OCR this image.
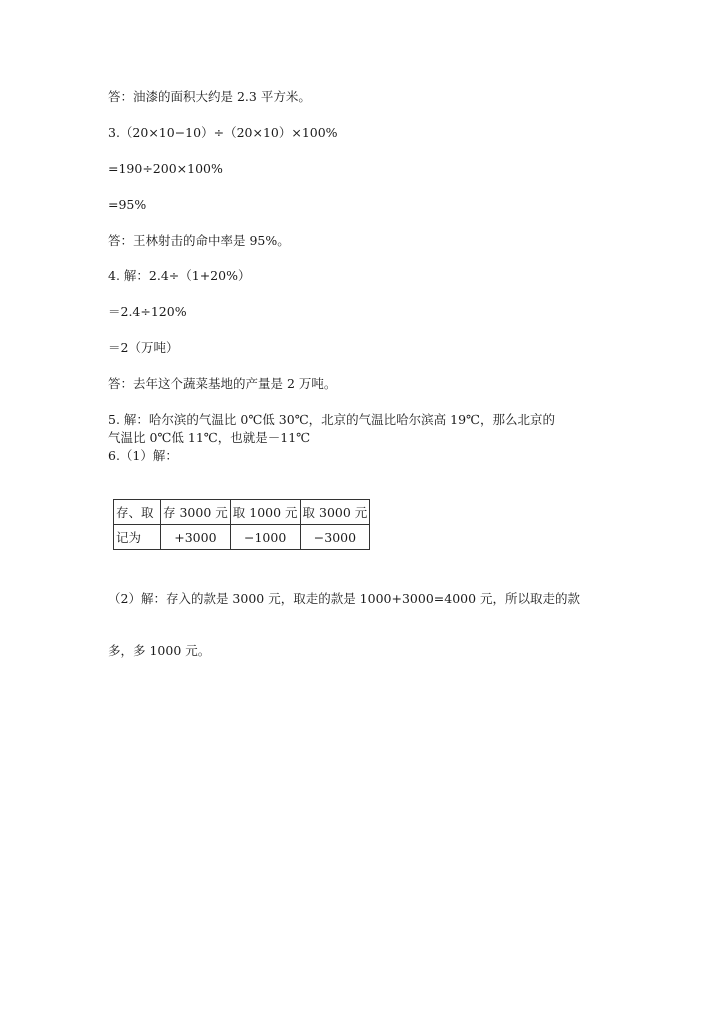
答：油漆的面积大约是 2.3 平方米。
3.（20×10−10）÷（20×10）×100%
=190÷200×100%
=95%
答：王林射击的命中率是 95%。
4. 解：2.4÷（1+20%）
＝2.4÷120%
＝2（万吨）
答：去年这个蔬菜基地的产量是 2 万吨。
5. 解：哈尔滨的气温比 0℃低 30℃，北京的气温比哈尔滨高 19℃，那么北京的
气温比 0℃低 11℃，也就是－11℃
6.（1）解：
存、取	存 3000 元	取 1000 元	取 3000 元
记为	+3000	−1000	−3000
（2）解：存入的款是 3000 元，取走的款是 1000+3000=4000 元，所以取走的款
多，多 1000 元。
